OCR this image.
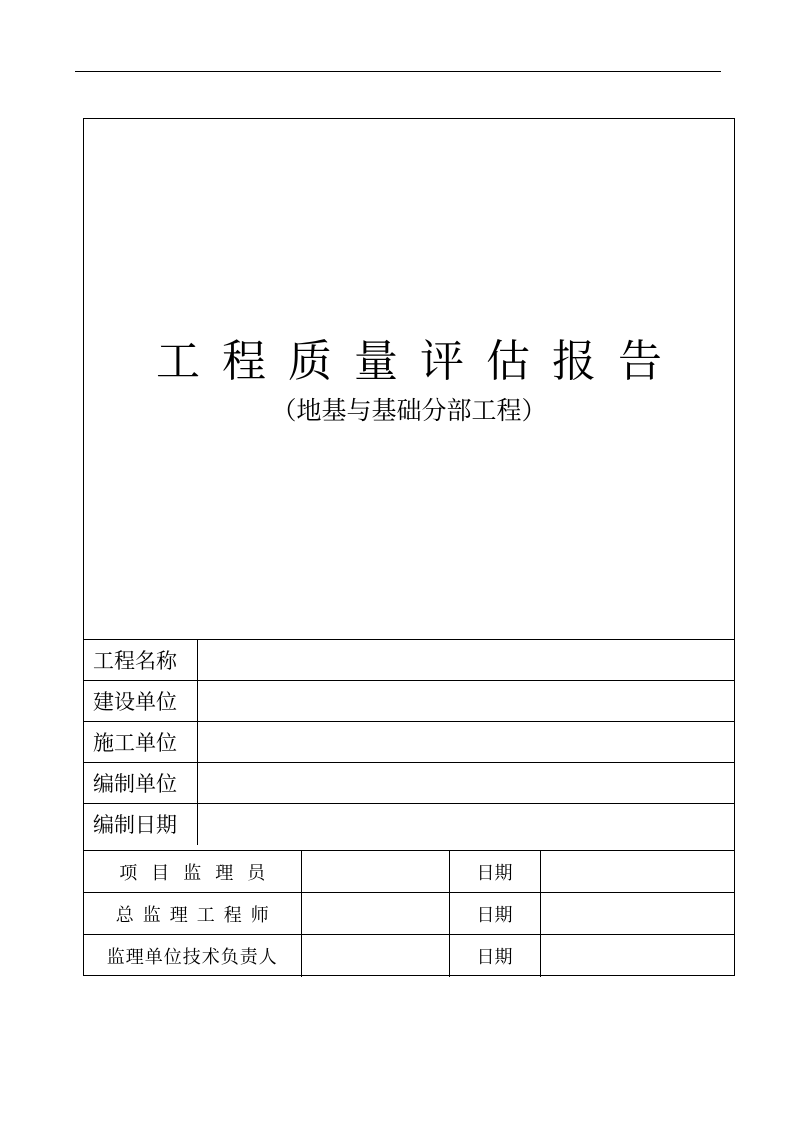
工程质量评估报告
（地基与基础分部工程）
工程名称	
建设单位	
施工单位	
编制单位	
编制日期	
项目监理员		日期	
总监理工程师		日期	
监理单位技术负责人		日期	
